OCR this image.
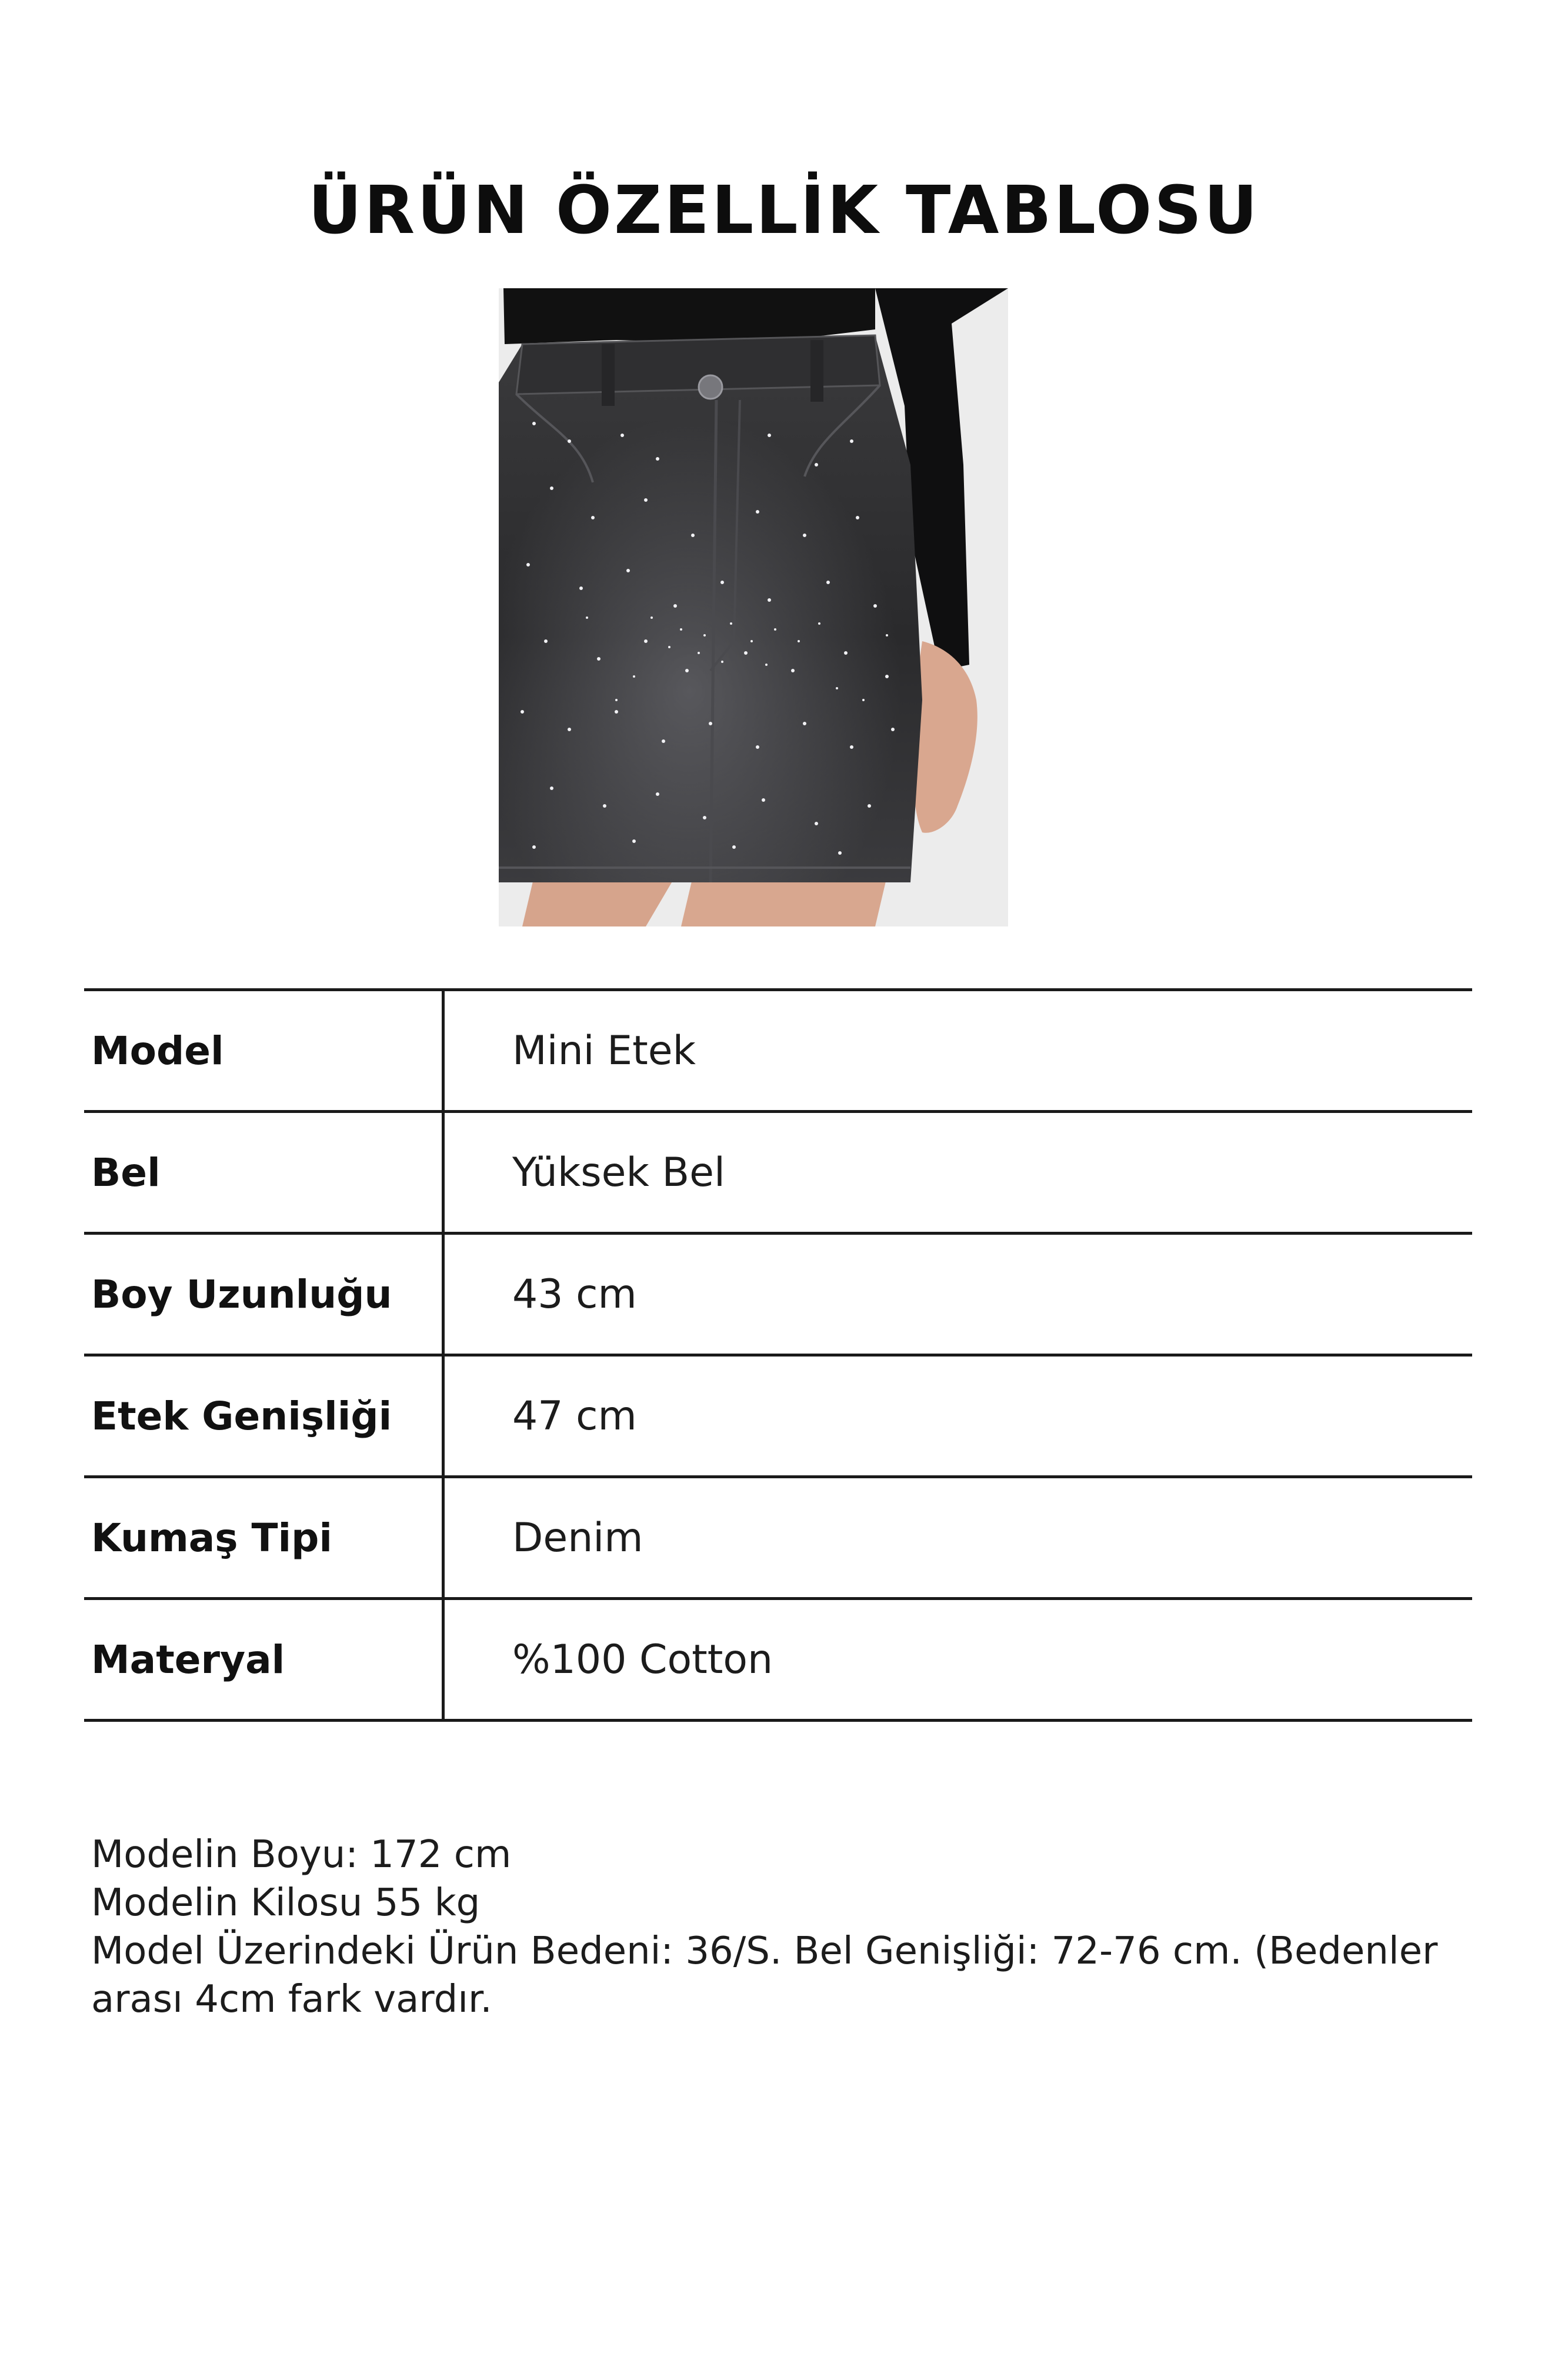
ÜRÜN ÖZELLİK TABLOSU
Model	Mini Etek
Bel	Yüksek Bel
Boy Uzunluğu	43 cm
Etek Genişliği	47 cm
Kumaş Tipi	Denim
Materyal	%100 Cotton
Modelin Boyu: 172 cm
Modelin Kilosu 55 kg
Model Üzerindeki Ürün Bedeni: 36/S. Bel Genişliği: 72-76 cm. (Bedenler arası 4cm fark vardır.
